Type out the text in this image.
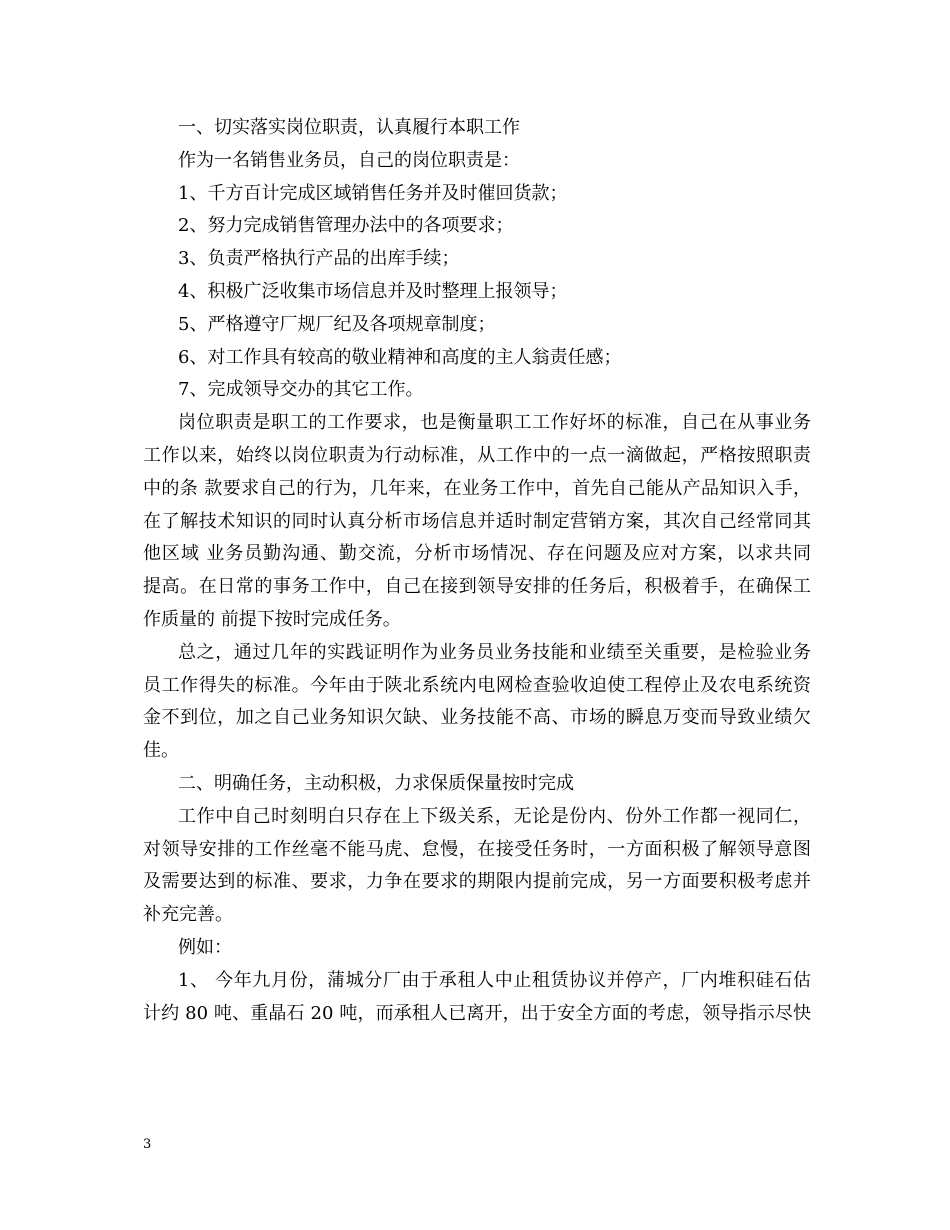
一、切实落实岗位职责，认真履行本职工作
作为一名销售业务员，自己的岗位职责是：
1、千方百计完成区域销售任务并及时催回货款；
2、努力完成销售管理办法中的各项要求；
3、负责严格执行产品的出库手续；
4、积极广泛收集市场信息并及时整理上报领导；
5、严格遵守厂规厂纪及各项规章制度；
6、对工作具有较高的敬业精神和高度的主人翁责任感；
7、完成领导交办的其它工作。
岗位职责是职工的工作要求，也是衡量职工工作好坏的标准，自己在从事业务
工作以来，始终以岗位职责为行动标准，从工作中的一点一滴做起，严格按照职责
中的条 款要求自己的行为，几年来，在业务工作中，首先自己能从产品知识入手，
在了解技术知识的同时认真分析市场信息并适时制定营销方案，其次自己经常同其
他区域 业务员勤沟通、勤交流，分析市场情况、存在问题及应对方案，以求共同
提高。在日常的事务工作中，自己在接到领导安排的任务后，积极着手，在确保工
作质量的 前提下按时完成任务。
总之，通过几年的实践证明作为业务员业务技能和业绩至关重要，是检验业务
员工作得失的标准。今年由于陕北系统内电网检查验收迫使工程停止及农电系统资
金不到位，加之自己业务知识欠缺、业务技能不高、市场的瞬息万变而导致业绩欠
佳。
二、明确任务，主动积极，力求保质保量按时完成
工作中自己时刻明白只存在上下级关系，无论是份内、份外工作都一视同仁，
对领导安排的工作丝毫不能马虎、怠慢，在接受任务时，一方面积极了解领导意图
及需要达到的标准、要求，力争在要求的期限内提前完成，另一方面要积极考虑并
补充完善。
例如：
1、 今年九月份，蒲城分厂由于承租人中止租赁协议并停产，厂内堆积硅石估
计约 80 吨、重晶石 20 吨，而承租人已离开，出于安全方面的考虑，领导指示尽快
3
